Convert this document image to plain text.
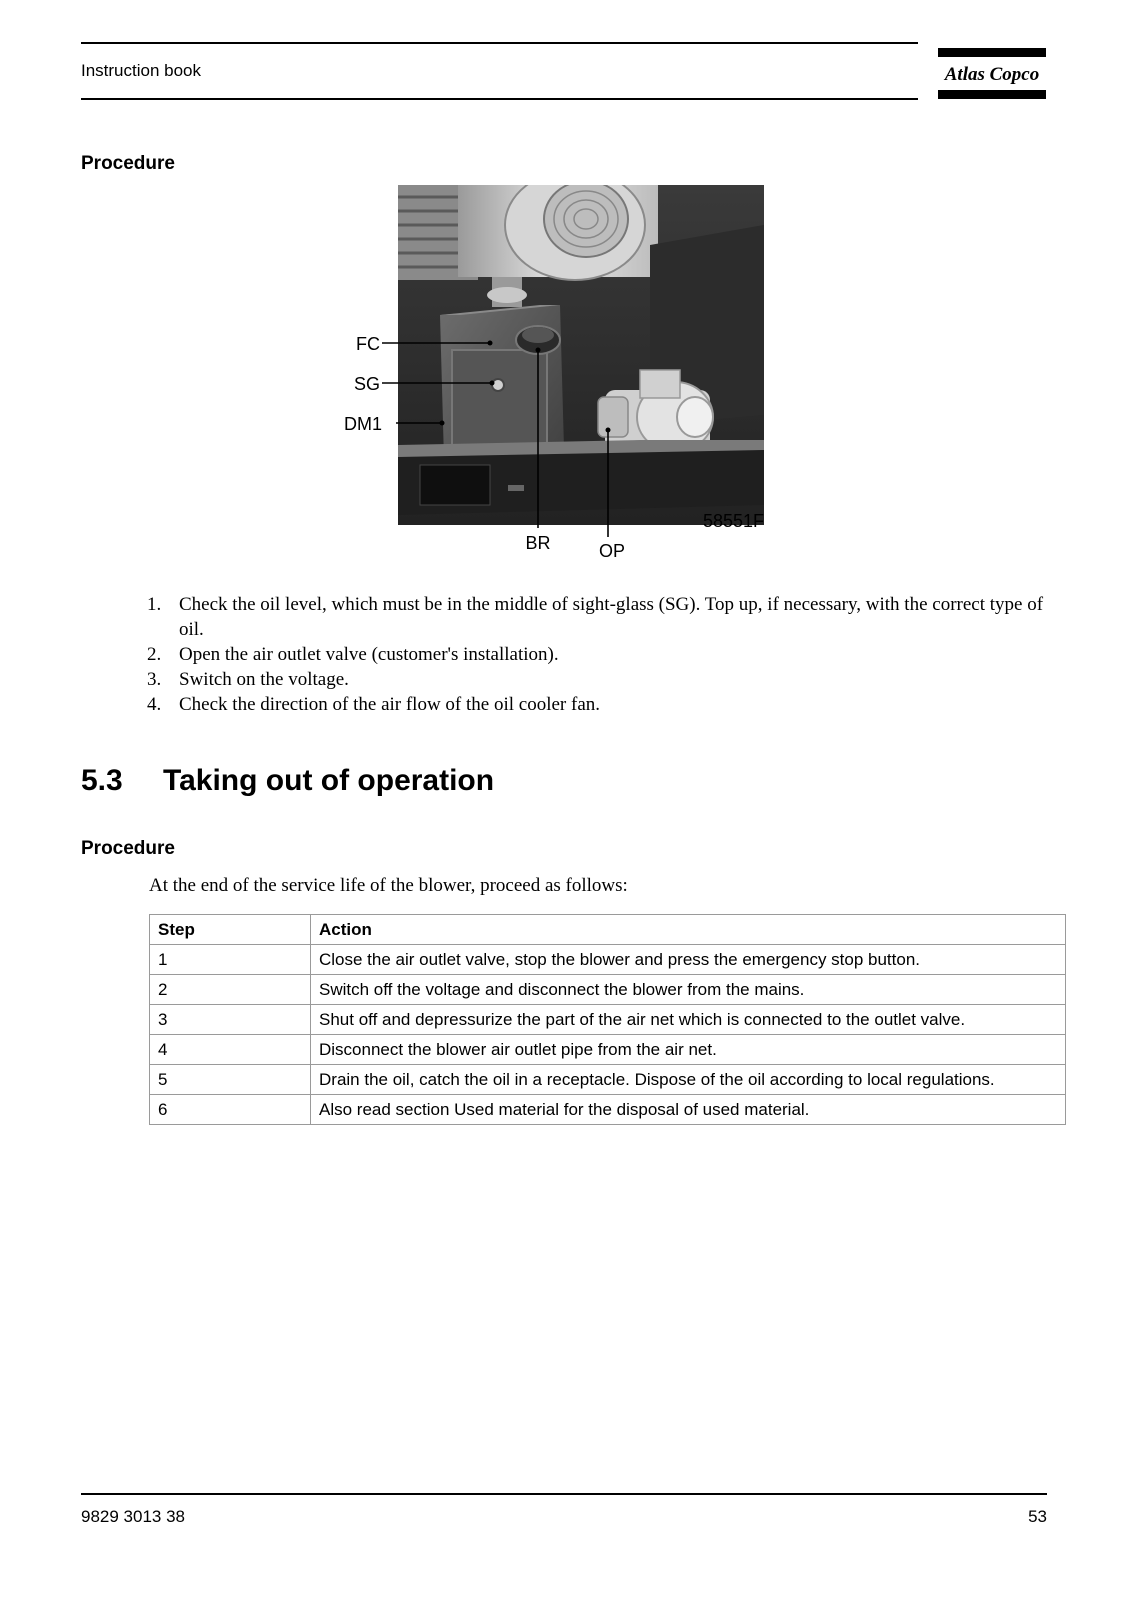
Instruction book	Atlas Copco
Procedure
FC
SG
DM1
BR	OP
58551F
1. Check the oil level, which must be in the middle of sight-glass (SG). Top up, if necessary, with the correct type of oil.
2. Open the air outlet valve (customer's installation).
3. Switch on the voltage.
4. Check the direction of the air flow of the oil cooler fan.
5.3 Taking out of operation
Procedure
At the end of the service life of the blower, proceed as follows:
Step	Action
1	Close the air outlet valve, stop the blower and press the emergency stop button.
2	Switch off the voltage and disconnect the blower from the mains.
3	Shut off and depressurize the part of the air net which is connected to the outlet valve.
4	Disconnect the blower air outlet pipe from the air net.
5	Drain the oil, catch the oil in a receptacle. Dispose of the oil according to local regulations.
6	Also read section Used material for the disposal of used material.
9829 3013 38	53
